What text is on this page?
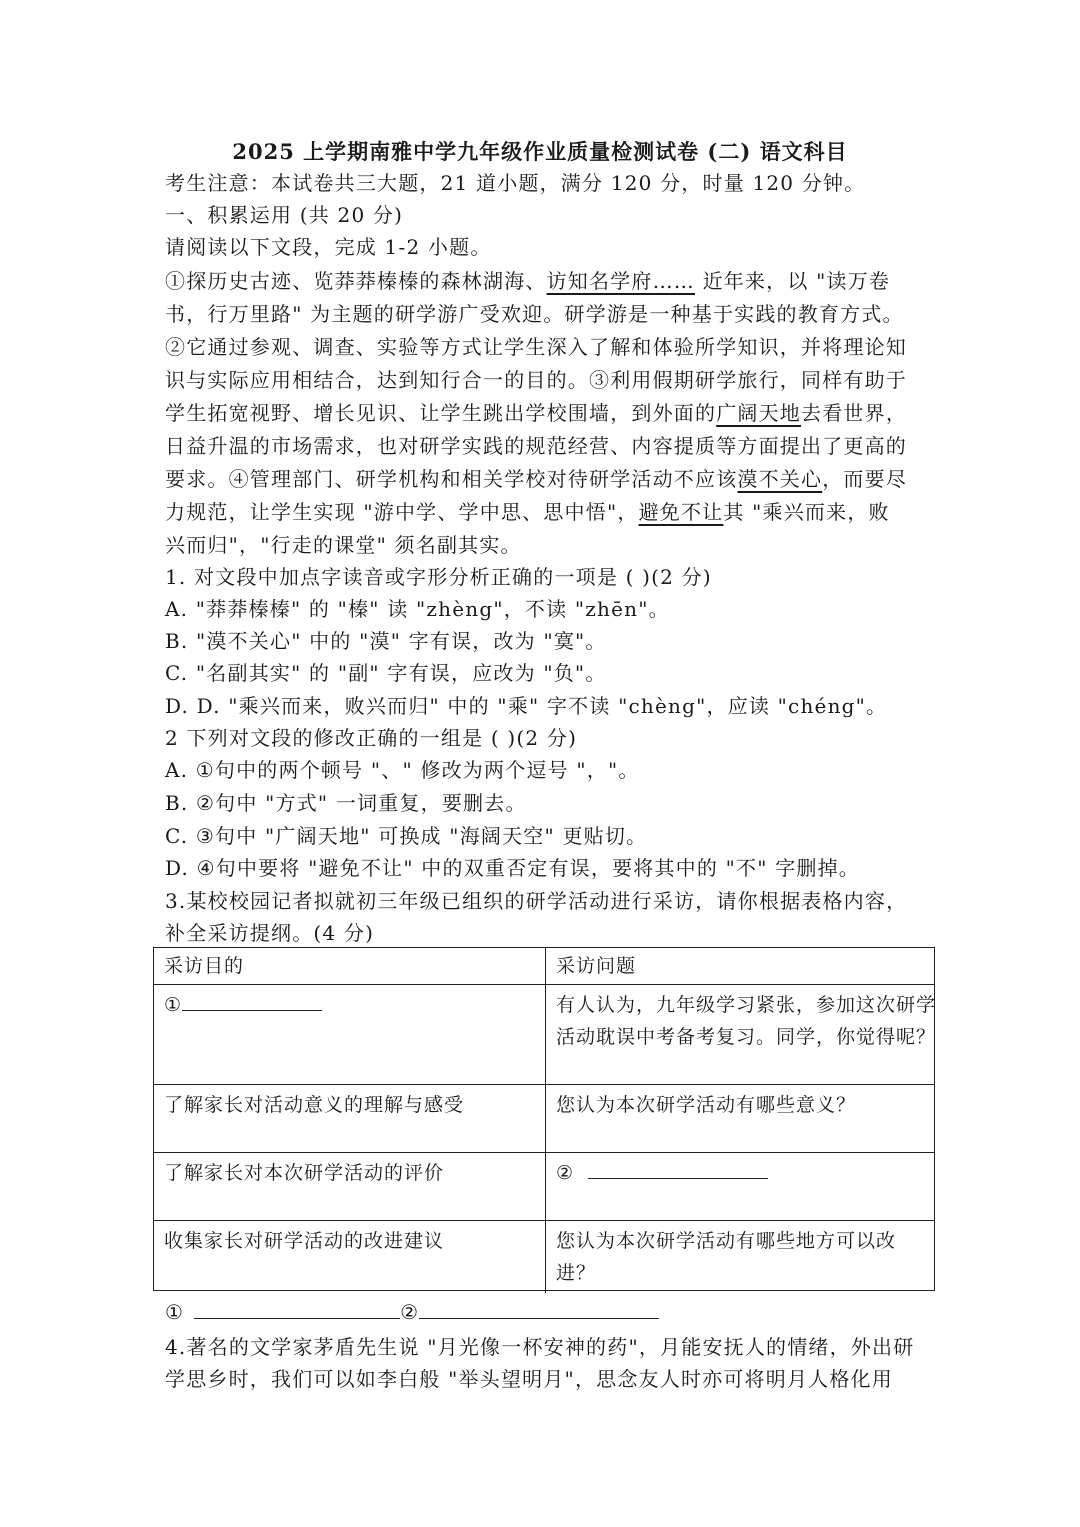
2025 上学期南雅中学九年级作业质量检测试卷 (二) 语文科目
考生注意：本试卷共三大题，21 道小题，满分 120 分，时量 120 分钟。
一、积累运用 (共 20 分)
请阅读以下文段，完成 1-2 小题。
①探历史古迹、览莽莽榛榛的森林湖海、访知名学府…… 近年来，以 "读万卷
书，行万里路" 为主题的研学游广受欢迎。研学游是一种基于实践的教育方式。
②它通过参观、调查、实验等方式让学生深入了解和体验所学知识，并将理论知
识与实际应用相结合，达到知行合一的目的。③利用假期研学旅行，同样有助于
学生拓宽视野、增长见识、让学生跳出学校围墙，到外面的广阔天地去看世界，
日益升温的市场需求，也对研学实践的规范经营、内容提质等方面提出了更高的
要求。④管理部门、研学机构和相关学校对待研学活动不应该漠不关心，而要尽
力规范，让学生实现 "游中学、学中思、思中悟"，避免不让其 "乘兴而来，败
兴而归"，"行走的课堂" 须名副其实。
1. 对文段中加点字读音或字形分析正确的一项是 ( )(2 分)
A. "莽莽榛榛" 的 "榛" 读 "zhèng"，不读 "zhēn"。
B. "漠不关心" 中的 "漠" 字有误，改为 "寞"。
C. "名副其实" 的 "副" 字有误，应改为 "负"。
D. D. "乘兴而来，败兴而归" 中的 "乘" 字不读 "chèng"，应读 "chéng"。
2 下列对文段的修改正确的一组是 ( )(2 分)
A. ①句中的两个顿号 "、" 修改为两个逗号 "，"。
B. ②句中 "方式" 一词重复，要删去。
C. ③句中 "广阔天地" 可换成 "海阔天空" 更贴切。
D. ④句中要将 "避免不让" 中的双重否定有误，要将其中的 "不" 字删掉。
3.某校校园记者拟就初三年级已组织的研学活动进行采访，请你根据表格内容，
补全采访提纲。(4 分)
采访目的	采访问题
①	有人认为，九年级学习紧张，参加这次研学
活动耽误中考备考复习。同学，你觉得呢？
了解家长对活动意义的理解与感受	您认为本次研学活动有哪些意义？
了解家长对本次研学活动的评价	②
收集家长对研学活动的改进建议	您认为本次研学活动有哪些地方可以改
进？
①	②
4.著名的文学家茅盾先生说 "月光像一杯安神的药"，月能安抚人的情绪，外出研
学思乡时，我们可以如李白般 "举头望明月"，思念友人时亦可将明月人格化用
